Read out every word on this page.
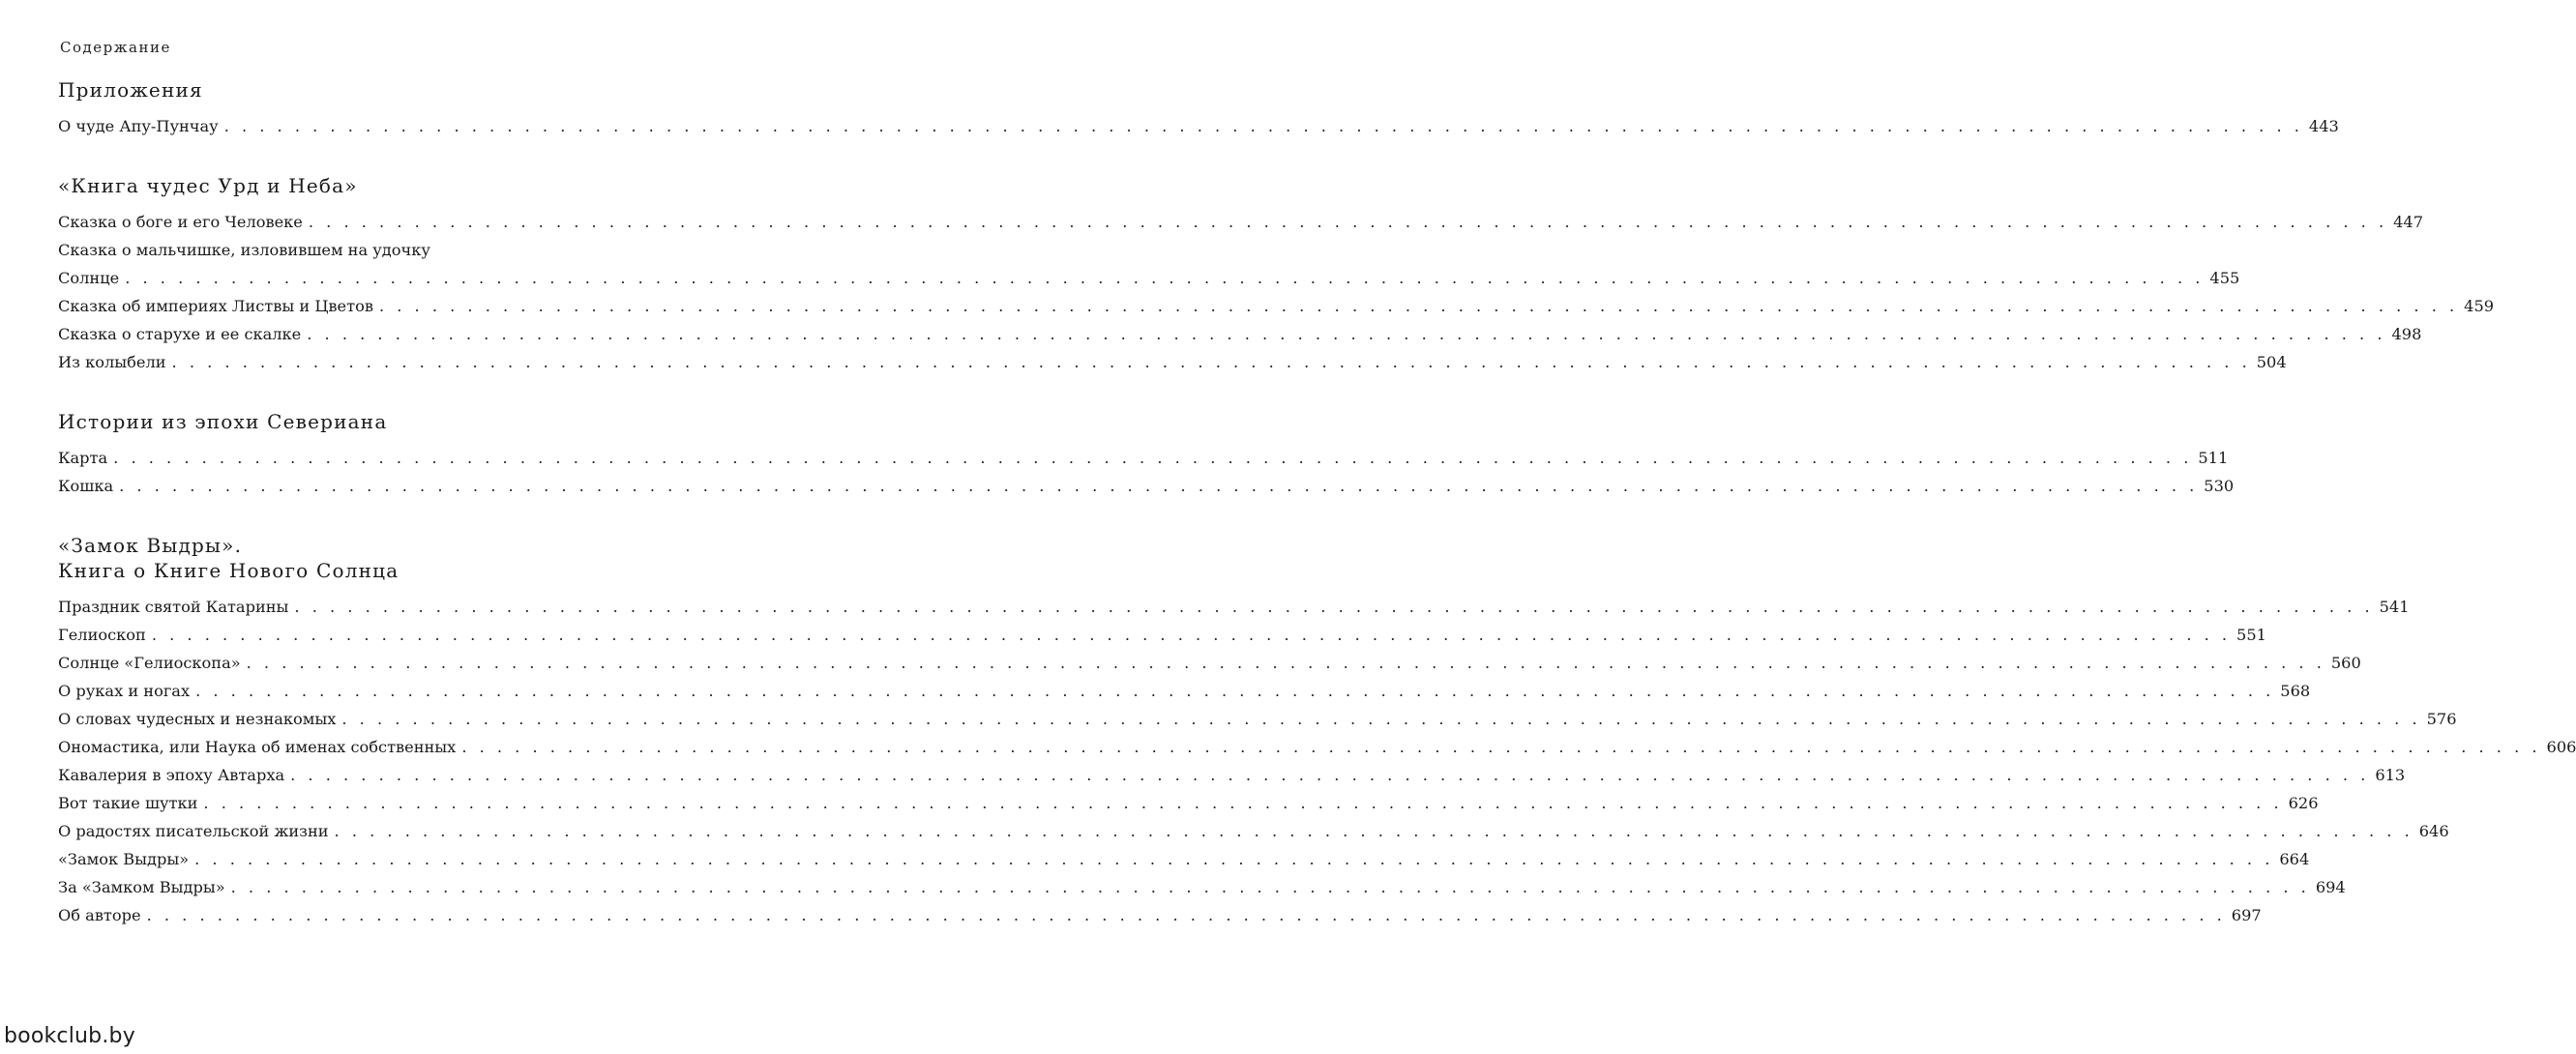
Содержание
Приложения
О чуде Апу-Пунчау . . .	443
«Книга чудес Урд и Неба»
Сказка о боге и его Человеке . . .	447
Сказка о мальчишке, изловившем на удочку
Солнце . . .	455
Сказка об империях Листвы и Цветов . . .	459
Сказка о старухе и ее скалке . . .	498
Из колыбели . . .	504
Истории из эпохи Севериана
Карта . . .	511
Кошка . . .	530
«Замок Выдры».
Книга о Книге Нового Солнца
Праздник святой Катарины . . .	541
Гелиоскоп . . .	551
Солнце «Гелиоскопа» . . .	560
О руках и ногах . . .	568
О словах чудесных и незнакомых . . .	576
Ономастика, или Наука об именах собственных . . .	606
Кавалерия в эпоху Автарха . . .	613
Вот такие шутки . . .	626
О радостях писательской жизни . . .	646
«Замок Выдры» . . .	664
За «Замком Выдры» . . .	694
Об авторе . . .	697
bookclub.by
